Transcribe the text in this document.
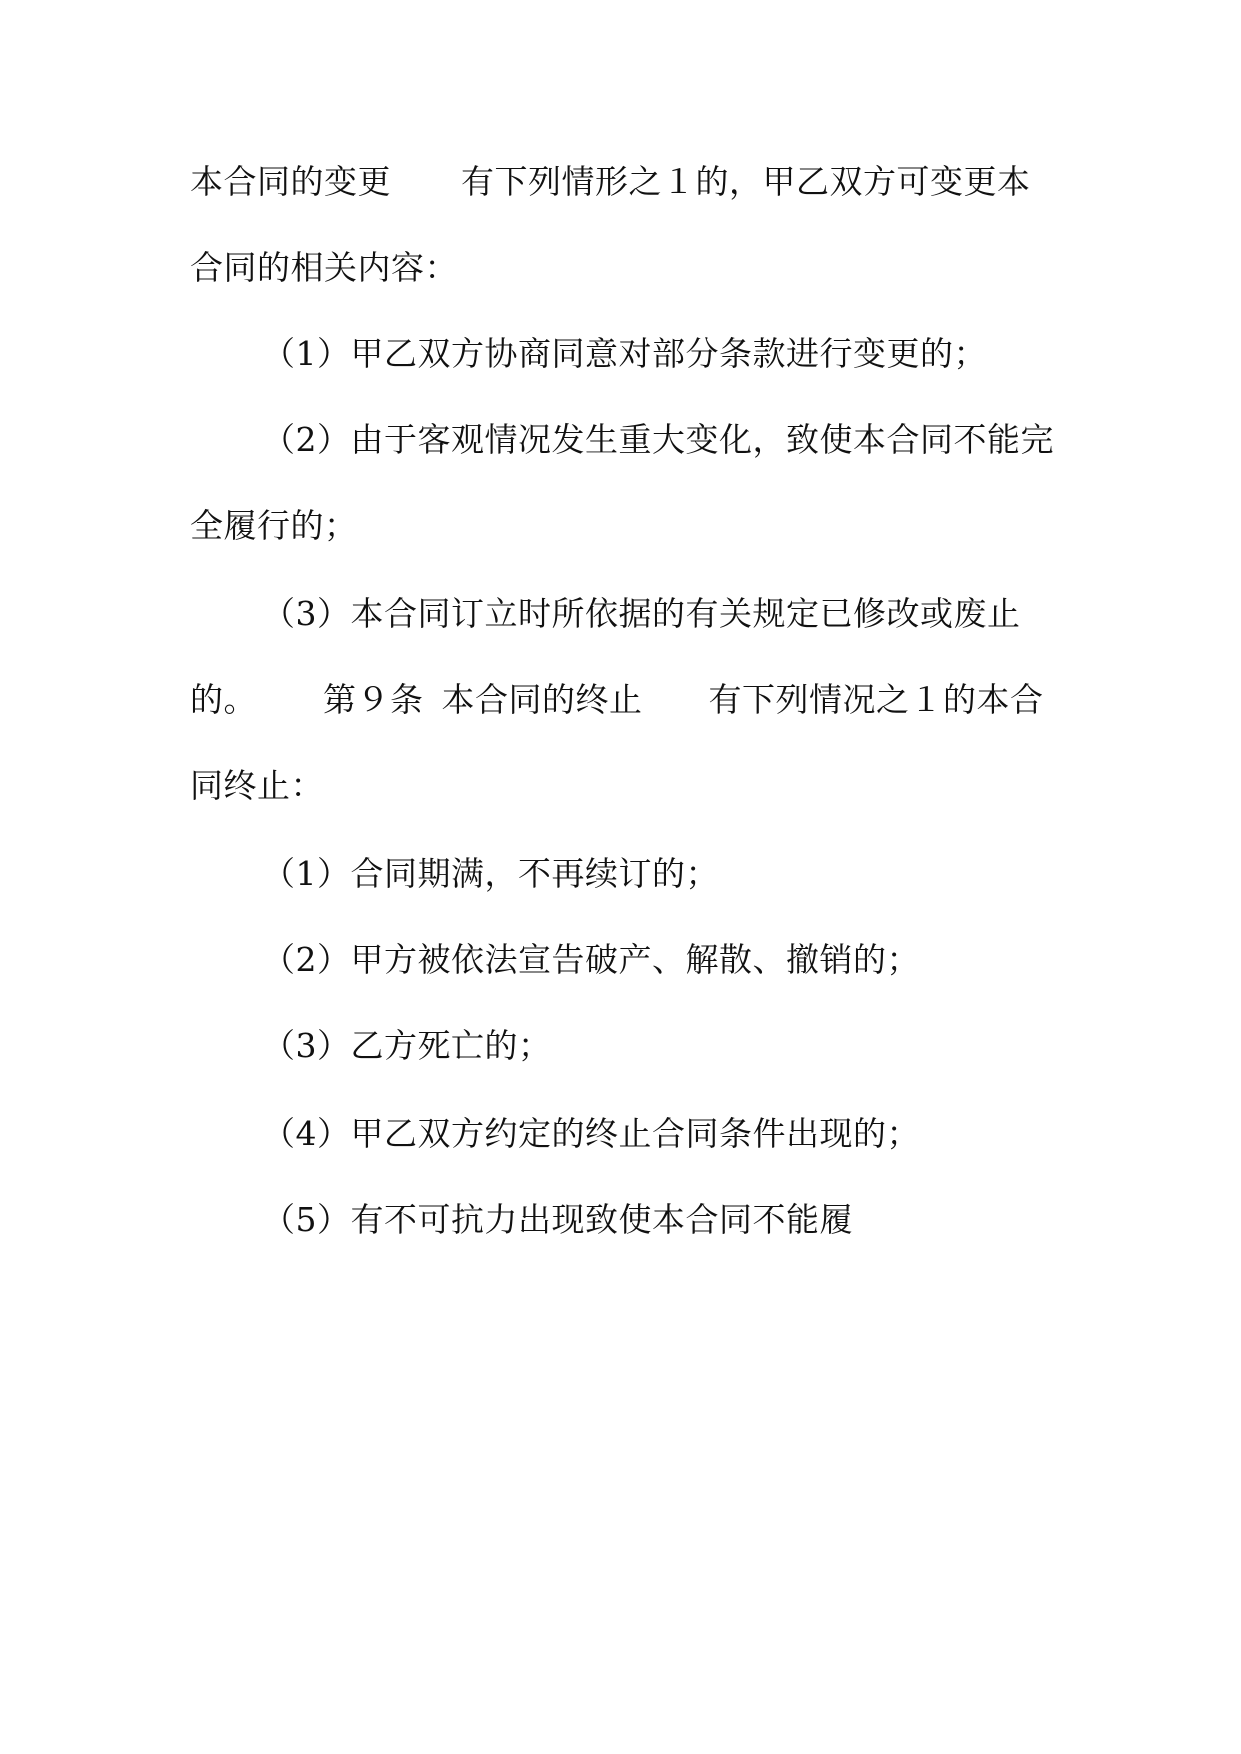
本合同的变更 有下列情形之１的，甲乙双方可变更本
合同的相关内容：
（1）甲乙双方协商同意对部分条款进行变更的；
（2）由于客观情况发生重大变化，致使本合同不能完
全履行的；
（3）本合同订立时所依据的有关规定已修改或废止
的。 第９条 本合同的终止 有下列情况之１的本合
同终止：
（1）合同期满，不再续订的；
（2）甲方被依法宣告破产、解散、撤销的；
（3）乙方死亡的；
（4）甲乙双方约定的终止合同条件出现的；
（5）有不可抗力出现致使本合同不能履
